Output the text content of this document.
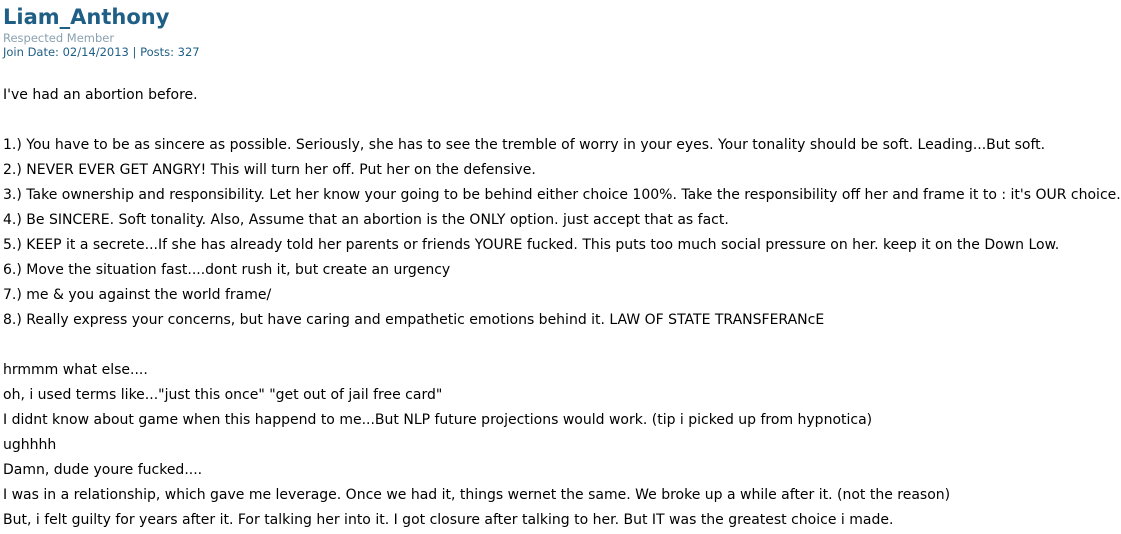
Liam_Anthony
Respected Member
Join Date: 02/14/2013 | Posts: 327
I've had an abortion before.
1.) You have to be as sincere as possible. Seriously, she has to see the tremble of worry in your eyes. Your tonality should be soft. Leading...But soft.
2.) NEVER EVER GET ANGRY! This will turn her off. Put her on the defensive.
3.) Take ownership and responsibility. Let her know your going to be behind either choice 100%. Take the responsibility off her and frame it to : it's OUR choice.
4.) Be SINCERE. Soft tonality. Also, Assume that an abortion is the ONLY option. just accept that as fact.
5.) KEEP it a secrete...If she has already told her parents or friends YOURE fucked. This puts too much social pressure on her. keep it on the Down Low.
6.) Move the situation fast....dont rush it, but create an urgency
7.) me & you against the world frame/
8.) Really express your concerns, but have caring and empathetic emotions behind it. LAW OF STATE TRANSFERANcE
hrmmm what else....
oh, i used terms like..."just this once" "get out of jail free card"
I didnt know about game when this happend to me...But NLP future projections would work. (tip i picked up from hypnotica)
ughhhh
Damn, dude youre fucked....
I was in a relationship, which gave me leverage. Once we had it, things wernet the same. We broke up a while after it. (not the reason)
But, i felt guilty for years after it. For talking her into it. I got closure after talking to her. But IT was the greatest choice i made.
